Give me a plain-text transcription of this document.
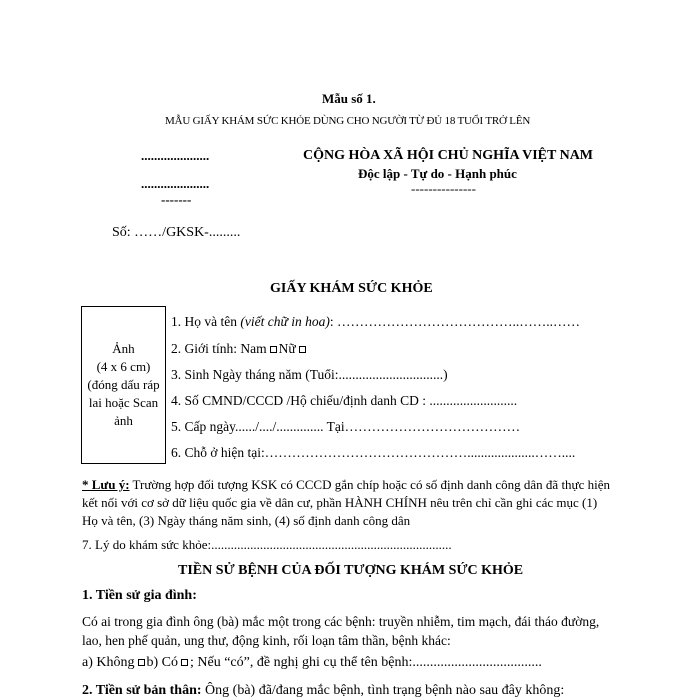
Mẫu số 1.
MẪU GIẤY KHÁM SỨC KHỎE DÙNG CHO NGƯỜI TỪ ĐỦ 18 TUỔI TRỞ LÊN
.....................
.....................
-------
CỘNG HÒA XÃ HỘI CHỦ NGHĨA VIỆT NAM
Độc lập - Tự do - Hạnh phúc
---------------
Số: ……/GKSK-.........
GIẤY KHÁM SỨC KHỎE
Ảnh
(4 x 6 cm)
(đóng dấu ráp lai hoặc Scan ảnh
1. Họ và tên (viết chữ in hoa): …………………………………..……..……
2. Giới tính: Nam Nữ
3. Sinh Ngày tháng năm (Tuổi:...............................)
4. Số CMND/CCCD /Hộ chiếu/định danh CD : ..........................
5. Cấp ngày....../..../.............. Tại…………………………………
6. Chỗ ở hiện tại:………………………………………....................……....
* Lưu ý: Trường hợp đối tượng KSK có CCCD gắn chíp hoặc có số định danh công dân đã thực hiện kết nối với cơ sở dữ liệu quốc gia về dân cư, phần HÀNH CHÍNH nêu trên chỉ cần ghi các mục (1) Họ và tên, (3) Ngày tháng năm sinh, (4) số định danh công dân
7. Lý do khám sức khỏe:..........................................................................
TIỀN SỬ BỆNH CỦA ĐỐI TƯỢNG KHÁM SỨC KHỎE
1. Tiền sử gia đình:
Có ai trong gia đình ông (bà) mắc một trong các bệnh: truyền nhiễm, tim mạch, đái tháo đường, lao, hen phế quản, ung thư, động kinh, rối loạn tâm thần, bệnh khác:
a) Không b) Có ; Nếu “có”, đề nghị ghi cụ thể tên bệnh:.....................................
2. Tiền sử bản thân: Ông (bà) đã/đang mắc bệnh, tình trạng bệnh nào sau đây không:
